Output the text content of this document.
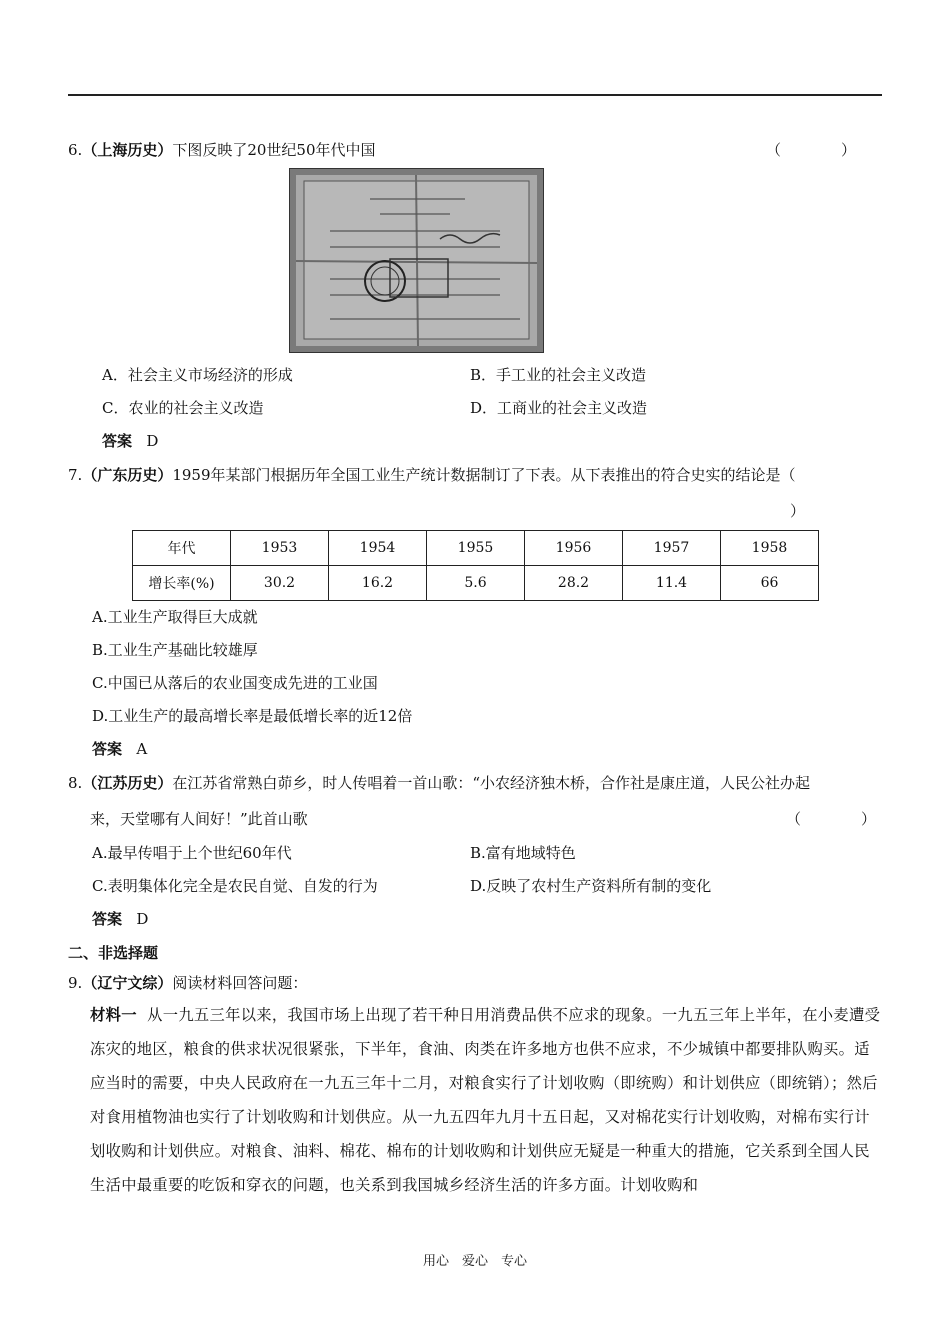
6.（上海历史）下图反映了20世纪50年代中国	（　　　　）
A．社会主义市场经济的形成	B．手工业的社会主义改造
C．农业的社会主义改造	D．工商业的社会主义改造
答案 D
7.（广东历史）1959年某部门根据历年全国工业生产统计数据制订了下表。从下表推出的符合史实的结论是（
）
年代	1953	1954	1955	1956	1957	1958
增长率(%)	30.2	16.2	5.6	28.2	11.4	66
A.工业生产取得巨大成就
B.工业生产基础比较雄厚
C.中国已从落后的农业国变成先进的工业国
D.工业生产的最高增长率是最低增长率的近12倍
答案 A
8.（江苏历史）在江苏省常熟白茆乡，时人传唱着一首山歌：“小农经济独木桥，合作社是康庄道，人民公社办起
来，天堂哪有人间好！”此首山歌	（　　　　）
A.最早传唱于上个世纪60年代	B.富有地域特色
C.表明集体化完全是农民自觉、自发的行为	D.反映了农村生产资料所有制的变化
答案 D
二、非选择题
9.（辽宁文综）阅读材料回答问题：
材料一 从一九五三年以来，我国市场上出现了若干种日用消费品供不应求的现象。一九五三年上半年，在小麦遭受冻灾的地区，粮食的供求状况很紧张，下半年，食油、肉类在许多地方也供不应求，不少城镇中都要排队购买。适应当时的需要，中央人民政府在一九五三年十二月，对粮食实行了计划收购（即统购）和计划供应（即统销）；然后对食用植物油也实行了计划收购和计划供应。从一九五四年九月十五日起，又对棉花实行计划收购，对棉布实行计划收购和计划供应。对粮食、油料、棉花、棉布的计划收购和计划供应无疑是一种重大的措施，它关系到全国人民生活中最重要的吃饭和穿衣的问题，也关系到我国城乡经济生活的许多方面。计划收购和
用心　爱心　专心
